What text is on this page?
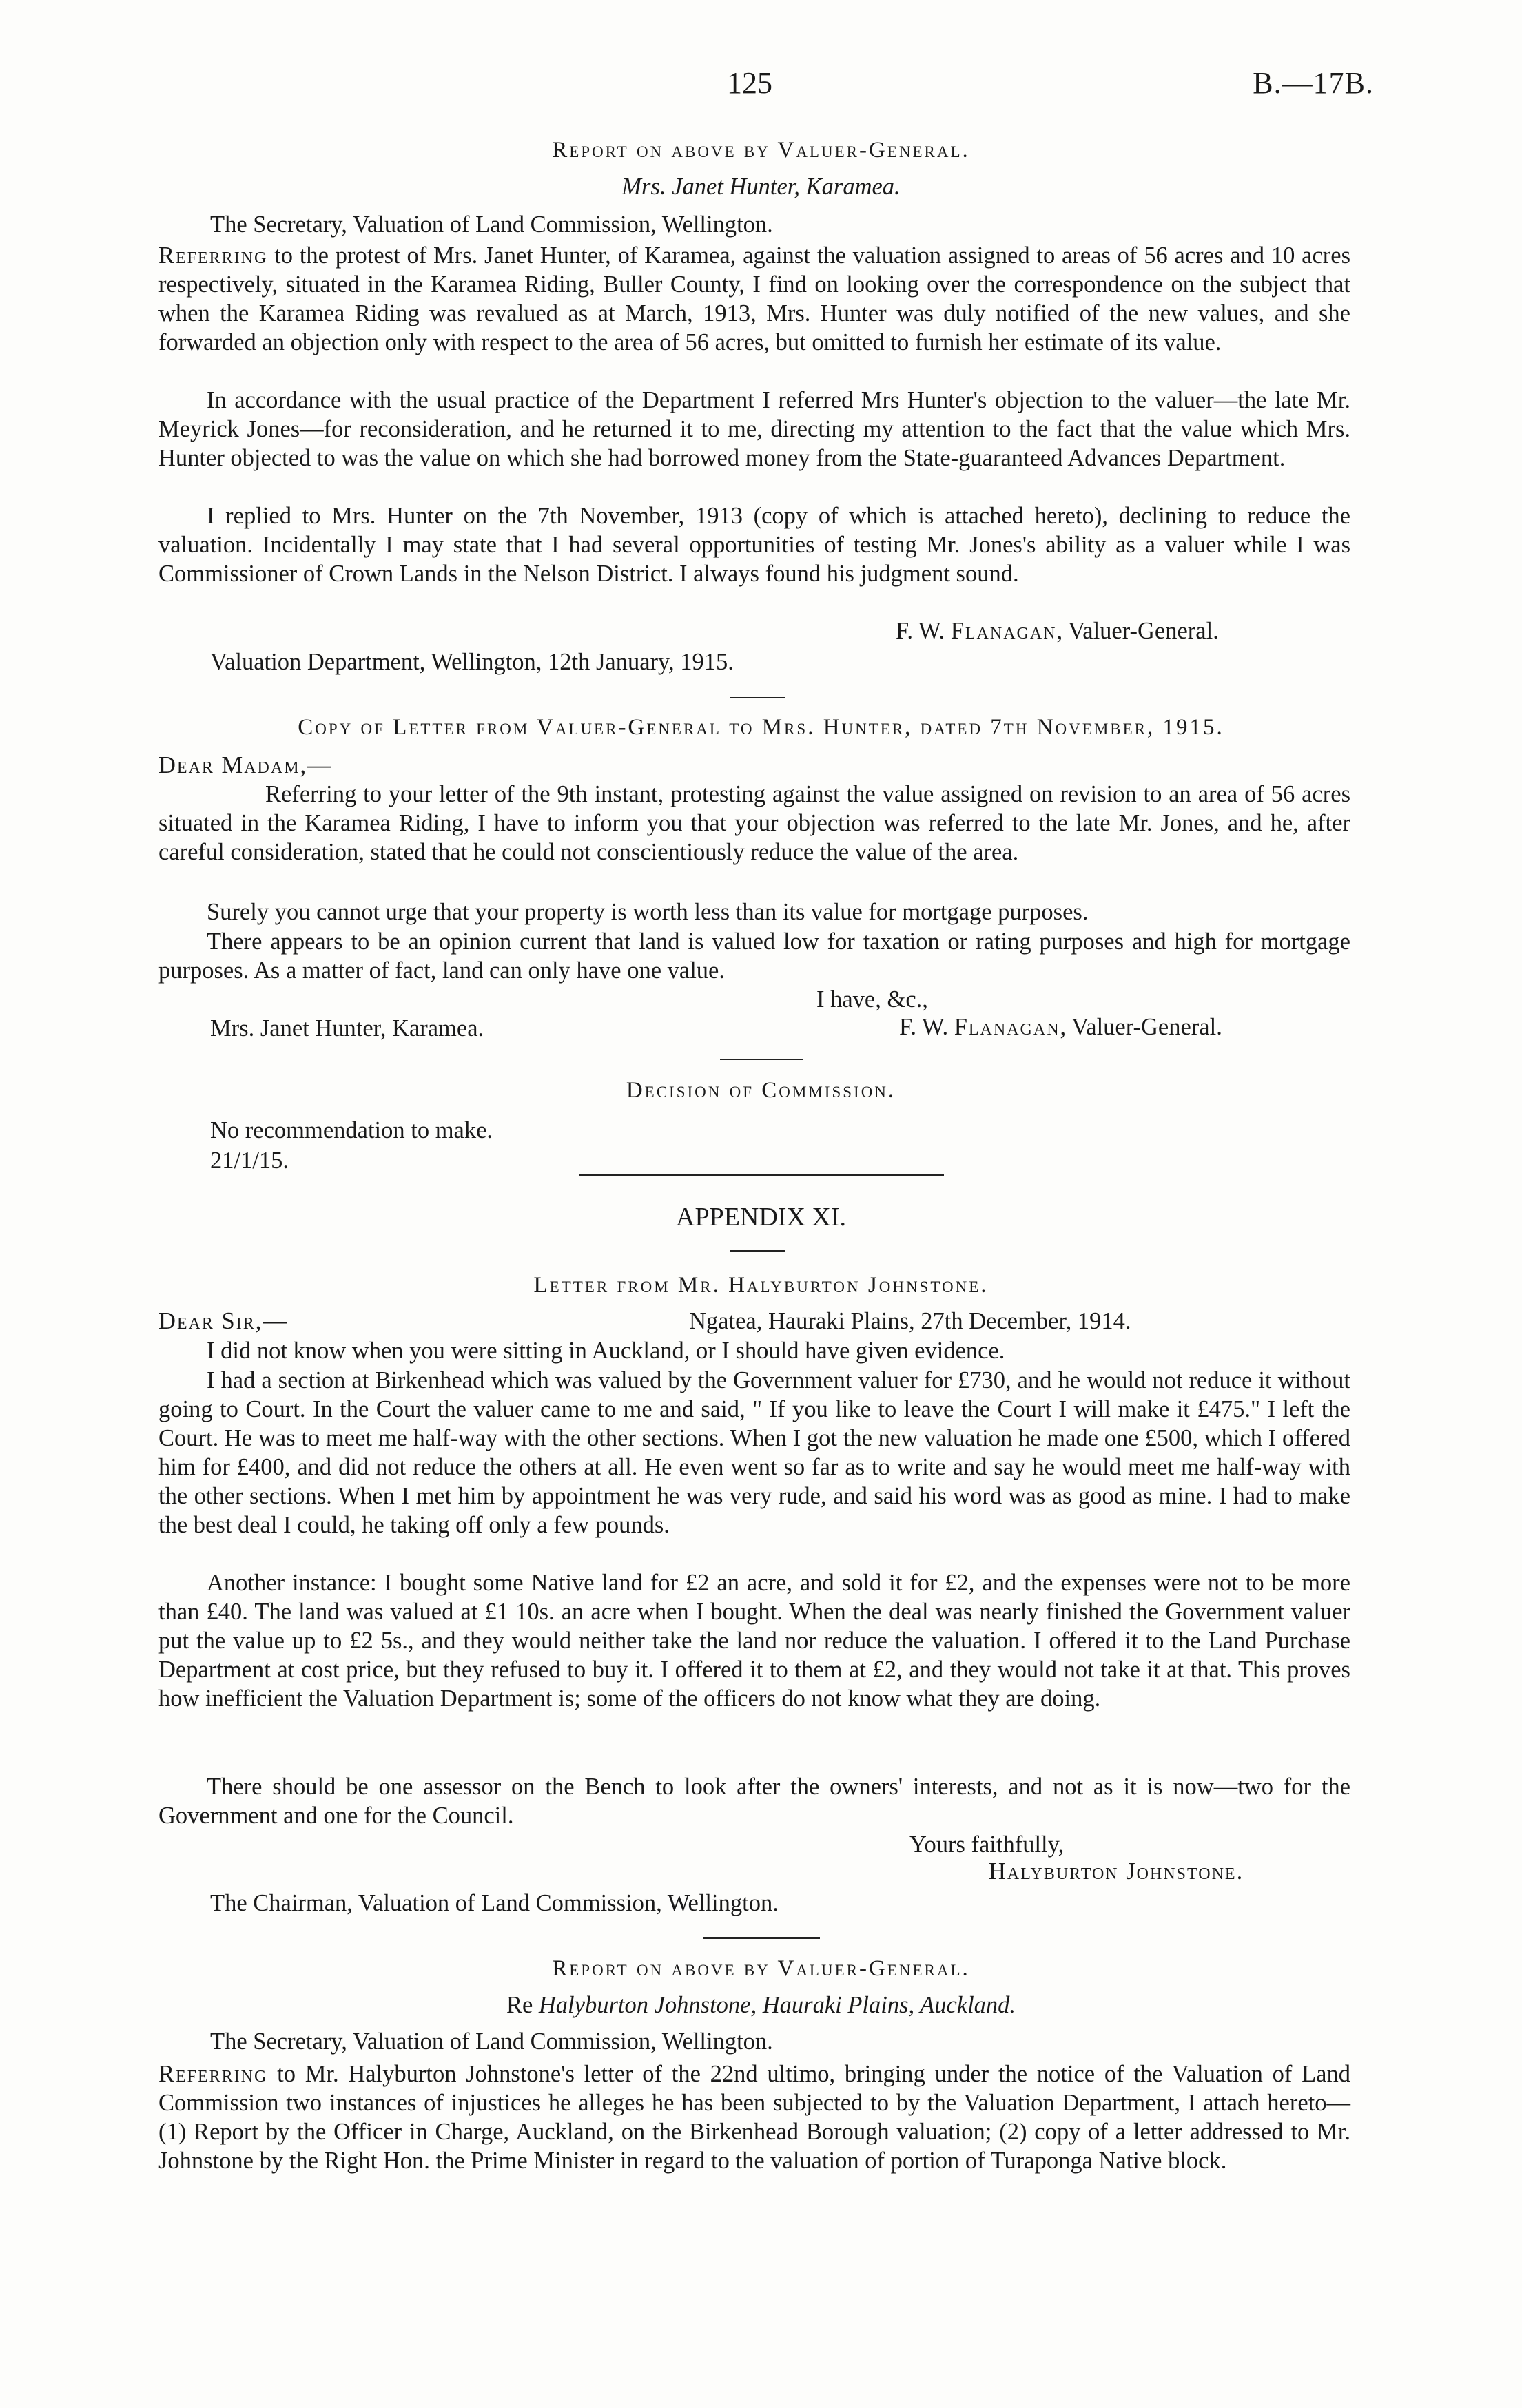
125	B.—17B.
Report on above by Valuer-General.
Mrs. Janet Hunter, Karamea.
The Secretary, Valuation of Land Commission, Wellington.
Referring to the protest of Mrs. Janet Hunter, of Karamea, against the valuation assigned to areas of 56 acres and 10 acres respectively, situated in the Karamea Riding, Buller County, I find on looking over the correspondence on the subject that when the Karamea Riding was revalued as at March, 1913, Mrs. Hunter was duly notified of the new values, and she forwarded an objection only with respect to the area of 56 acres, but omitted to furnish her estimate of its value.
In accordance with the usual practice of the Department I referred Mrs Hunter's objection to the valuer—the late Mr. Meyrick Jones—for reconsideration, and he returned it to me, directing my attention to the fact that the value which Mrs. Hunter objected to was the value on which she had borrowed money from the State-guaranteed Advances Department.
I replied to Mrs. Hunter on the 7th November, 1913 (copy of which is attached hereto), declining to reduce the valuation. Incidentally I may state that I had several opportunities of testing Mr. Jones's ability as a valuer while I was Commissioner of Crown Lands in the Nelson District. I always found his judgment sound.
F. W. Flanagan, Valuer-General.
Valuation Department, Wellington, 12th January, 1915.
Copy of Letter from Valuer-General to Mrs. Hunter, dated 7th November, 1915.
Dear Madam,—
Referring to your letter of the 9th instant, protesting against the value assigned on revision to an area of 56 acres situated in the Karamea Riding, I have to inform you that your objection was referred to the late Mr. Jones, and he, after careful consideration, stated that he could not conscientiously reduce the value of the area.
Surely you cannot urge that your property is worth less than its value for mortgage purposes.
There appears to be an opinion current that land is valued low for taxation or rating purposes and high for mortgage purposes. As a matter of fact, land can only have one value.
I have, &c.,
Mrs. Janet Hunter, Karamea.	F. W. Flanagan, Valuer-General.
Decision of Commission.
No recommendation to make.
21/1/15.
APPENDIX XI.
Letter from Mr. Halyburton Johnstone.
Dear Sir,—	Ngatea, Hauraki Plains, 27th December, 1914.
I did not know when you were sitting in Auckland, or I should have given evidence.
I had a section at Birkenhead which was valued by the Government valuer for £730, and he would not reduce it without going to Court. In the Court the valuer came to me and said, " If you like to leave the Court I will make it £475." I left the Court. He was to meet me half-way with the other sections. When I got the new valuation he made one £500, which I offered him for £400, and did not reduce the others at all. He even went so far as to write and say he would meet me half-way with the other sections. When I met him by appointment he was very rude, and said his word was as good as mine. I had to make the best deal I could, he taking off only a few pounds.
Another instance: I bought some Native land for £2 an acre, and sold it for £2, and the expenses were not to be more than £40. The land was valued at £1 10s. an acre when I bought. When the deal was nearly finished the Government valuer put the value up to £2 5s., and they would neither take the land nor reduce the valuation. I offered it to the Land Purchase Department at cost price, but they refused to buy it. I offered it to them at £2, and they would not take it at that. This proves how inefficient the Valuation Department is; some of the officers do not know what they are doing.
There should be one assessor on the Bench to look after the owners' interests, and not as it is now—two for the Government and one for the Council.
Yours faithfully,
Halyburton Johnstone.
The Chairman, Valuation of Land Commission, Wellington.
Report on above by Valuer-General.
Re Halyburton Johnstone, Hauraki Plains, Auckland.
The Secretary, Valuation of Land Commission, Wellington.
Referring to Mr. Halyburton Johnstone's letter of the 22nd ultimo, bringing under the notice of the Valuation of Land Commission two instances of injustices he alleges he has been subjected to by the Valuation Department, I attach hereto—(1) Report by the Officer in Charge, Auckland, on the Birkenhead Borough valuation; (2) copy of a letter addressed to Mr. Johnstone by the Right Hon. the Prime Minister in regard to the valuation of portion of Turaponga Native block.
